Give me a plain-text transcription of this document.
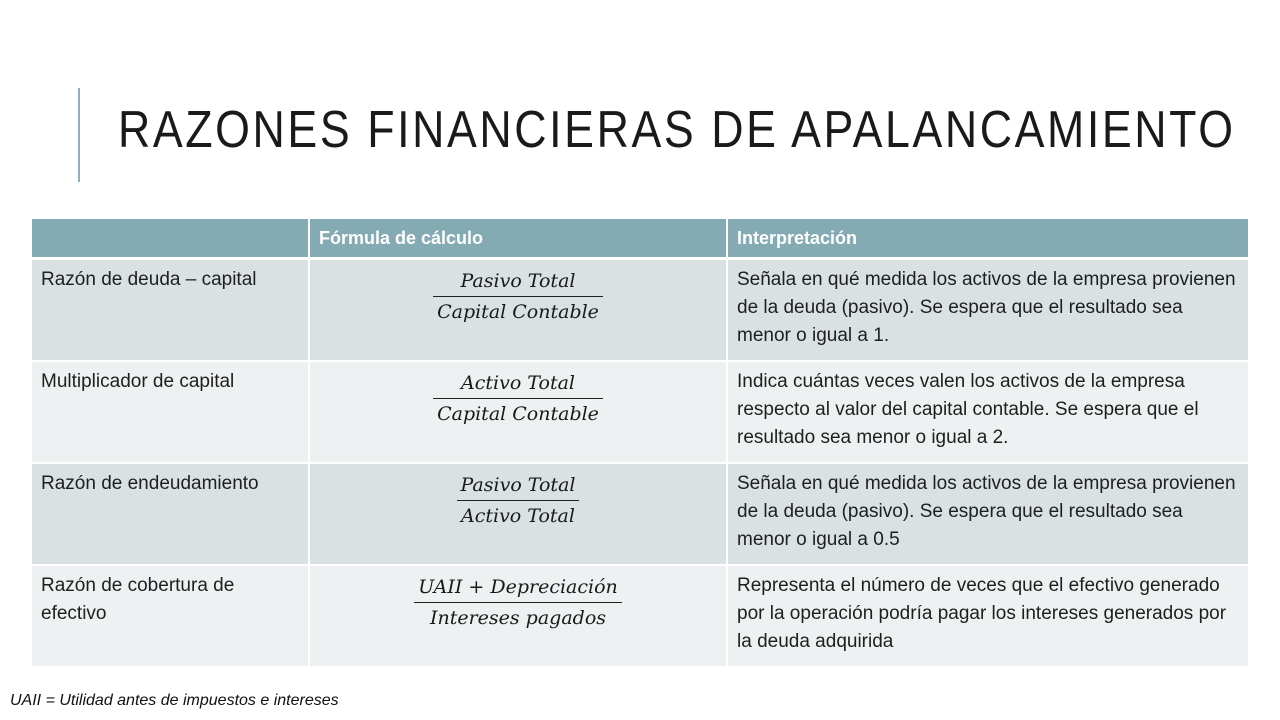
RAZONES FINANCIERAS DE APALANCAMIENTO
	Fórmula de cálculo	Interpretación
Razón de deuda – capital	$\frac{\text{Pasivo Total}}{\text{Capital Contable}}$	Señala en qué medida los activos de la empresa provienen de la deuda (pasivo). Se espera que el resultado sea menor o igual a 1.
Multiplicador de capital	$\frac{\text{Activo Total}}{\text{Capital Contable}}$	Indica cuántas veces valen los activos de la empresa respecto al valor del capital contable. Se espera que el resultado sea menor o igual a 2.
Razón de endeudamiento	$\frac{\text{Pasivo Total}}{\text{Activo Total}}$	Señala en qué medida los activos de la empresa provienen de la deuda (pasivo). Se espera que el resultado sea menor o igual a 0.5
Razón de cobertura de efectivo	$\frac{\text{UAII + Depreciación}}{\text{Intereses pagados}}$	Representa el número de veces que el efectivo generado por la operación podría pagar los intereses generados por la deuda adquirida

UAII = Utilidad antes de impuestos e intereses
